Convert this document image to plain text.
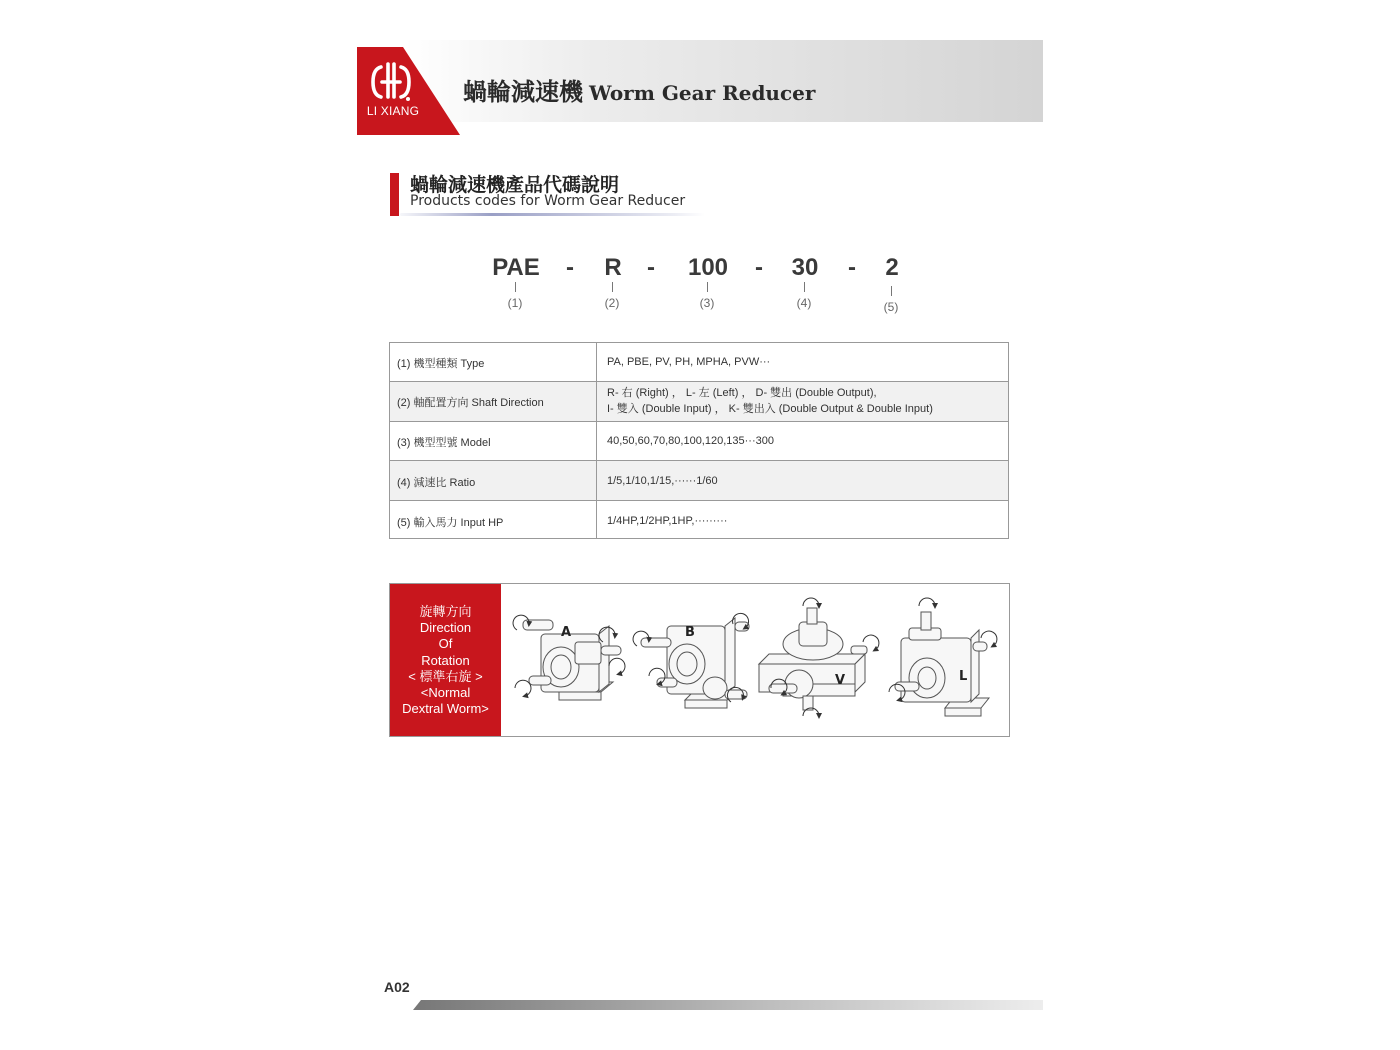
LI XIANG
蝸輪減速機 Worm Gear Reducer
蝸輪減速機產品代碼說明
Products codes for Worm Gear Reducer
PAE -	R	-	100	-	30	-	2
(1)	(2)	(3)	(4)	(5)
(1) 機型種類 Type	PA, PBE, PV, PH, MPHA, PVW···
(2) 軸配置方向 Shaft Direction
R- 右 (Right) ， L- 左 (Left) ， D- 雙出 (Double Output),
I- 雙入 (Double Input) ， K- 雙出入 (Double Output & Double Input)
(3) 機型型號 Model	40,50,60,70,80,100,120,135···300
(4) 減速比 Ratio	1/5,1/10,1/15,······1/60
(5) 輸入馬力 Input HP	1/4HP,1/2HP,1HP,·········
旋轉方向
Direction
Of
Rotation
< 標準右旋 >
<Normal
Dextral Worm>
A	B
V	L
A02
